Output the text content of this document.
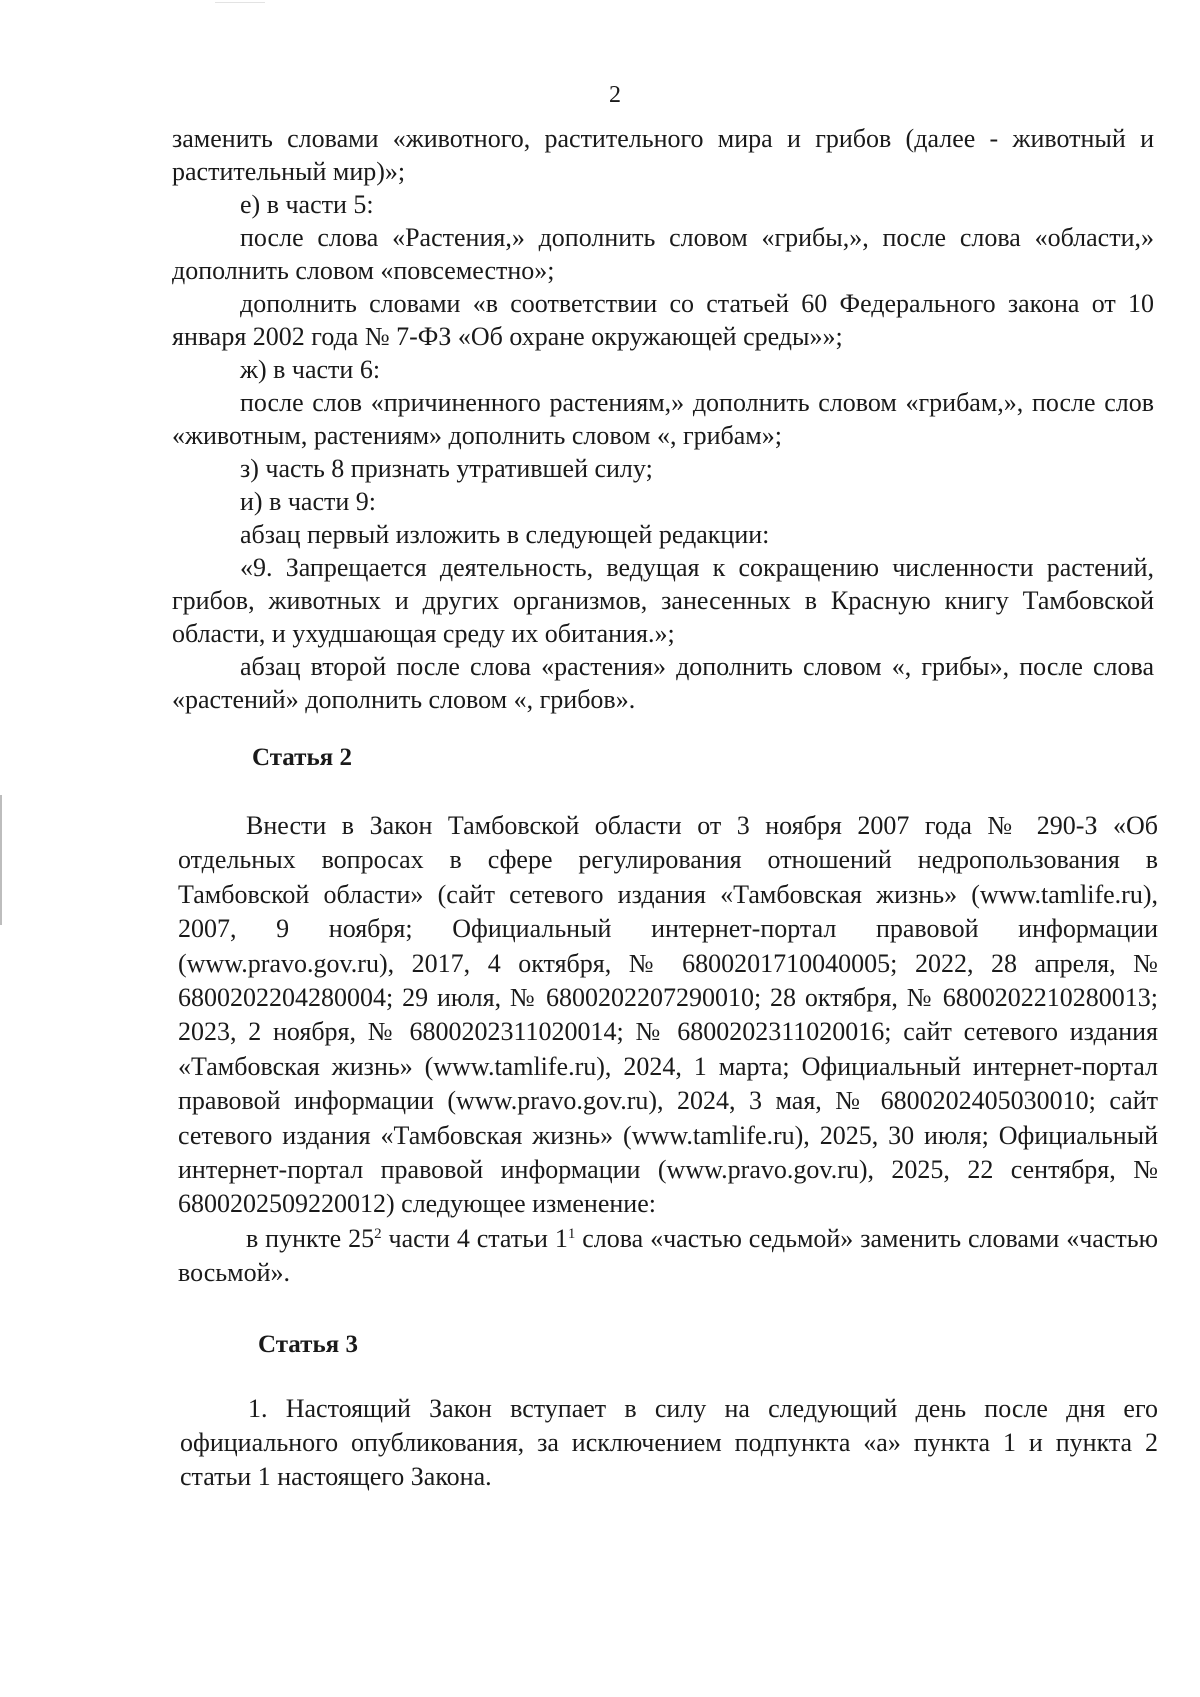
2

заменить словами «животного, растительного мира и грибов (далее - животный и растительный мир)»;

е) в части 5:

после слова «Растения,» дополнить словом «грибы,», после слова «области,» дополнить словом «повсеместно»;

дополнить словами «в соответствии со статьей 60 Федерального закона от 10 января 2002 года № 7-ФЗ «Об охране окружающей среды»»;

ж) в части 6:

после слов «причиненного растениям,» дополнить словом «грибам,», после слов «животным, растениям» дополнить словом «, грибам»;

з) часть 8 признать утратившей силу;

и) в части 9:

абзац первый изложить в следующей редакции:

«9. Запрещается деятельность, ведущая к сокращению численности растений, грибов, животных и других организмов, занесенных в Красную книгу Тамбовской области, и ухудшающая среду их обитания.»;

абзац второй после слова «растения» дополнить словом «, грибы», после слова «растений» дополнить словом «, грибов».

Статья 2

Внести в Закон Тамбовской области от 3 ноября 2007 года № 290-З «Об отдельных вопросах в сфере регулирования отношений недропользования в Тамбовской области» (сайт сетевого издания «Тамбовская жизнь» (www.tamlife.ru), 2007, 9 ноября; Официальный интернет-портал правовой информации (www.pravo.gov.ru), 2017, 4 октября, № 6800201710040005; 2022, 28 апреля, № 6800202204280004; 29 июля, № 6800202207290010; 28 октября, № 6800202210280013; 2023, 2 ноября, № 6800202311020014; № 6800202311020016; сайт сетевого издания «Тамбовская жизнь» (www.tamlife.ru), 2024, 1 марта; Официальный интернет-портал правовой информации (www.pravo.gov.ru), 2024, 3 мая, № 6800202405030010; сайт сетевого издания «Тамбовская жизнь» (www.tamlife.ru), 2025, 30 июля; Официальный интернет-портал правовой информации (www.pravo.gov.ru), 2025, 22 сентября, № 6800202509220012) следующее изменение:

в пункте $25^2$ части 4 статьи $1^1$ слова «частью седьмой» заменить словами «частью восьмой».

Статья 3

1. Настоящий Закон вступает в силу на следующий день после дня его официального опубликования, за исключением подпункта «а» пункта 1 и пункта 2 статьи 1 настоящего Закона.
